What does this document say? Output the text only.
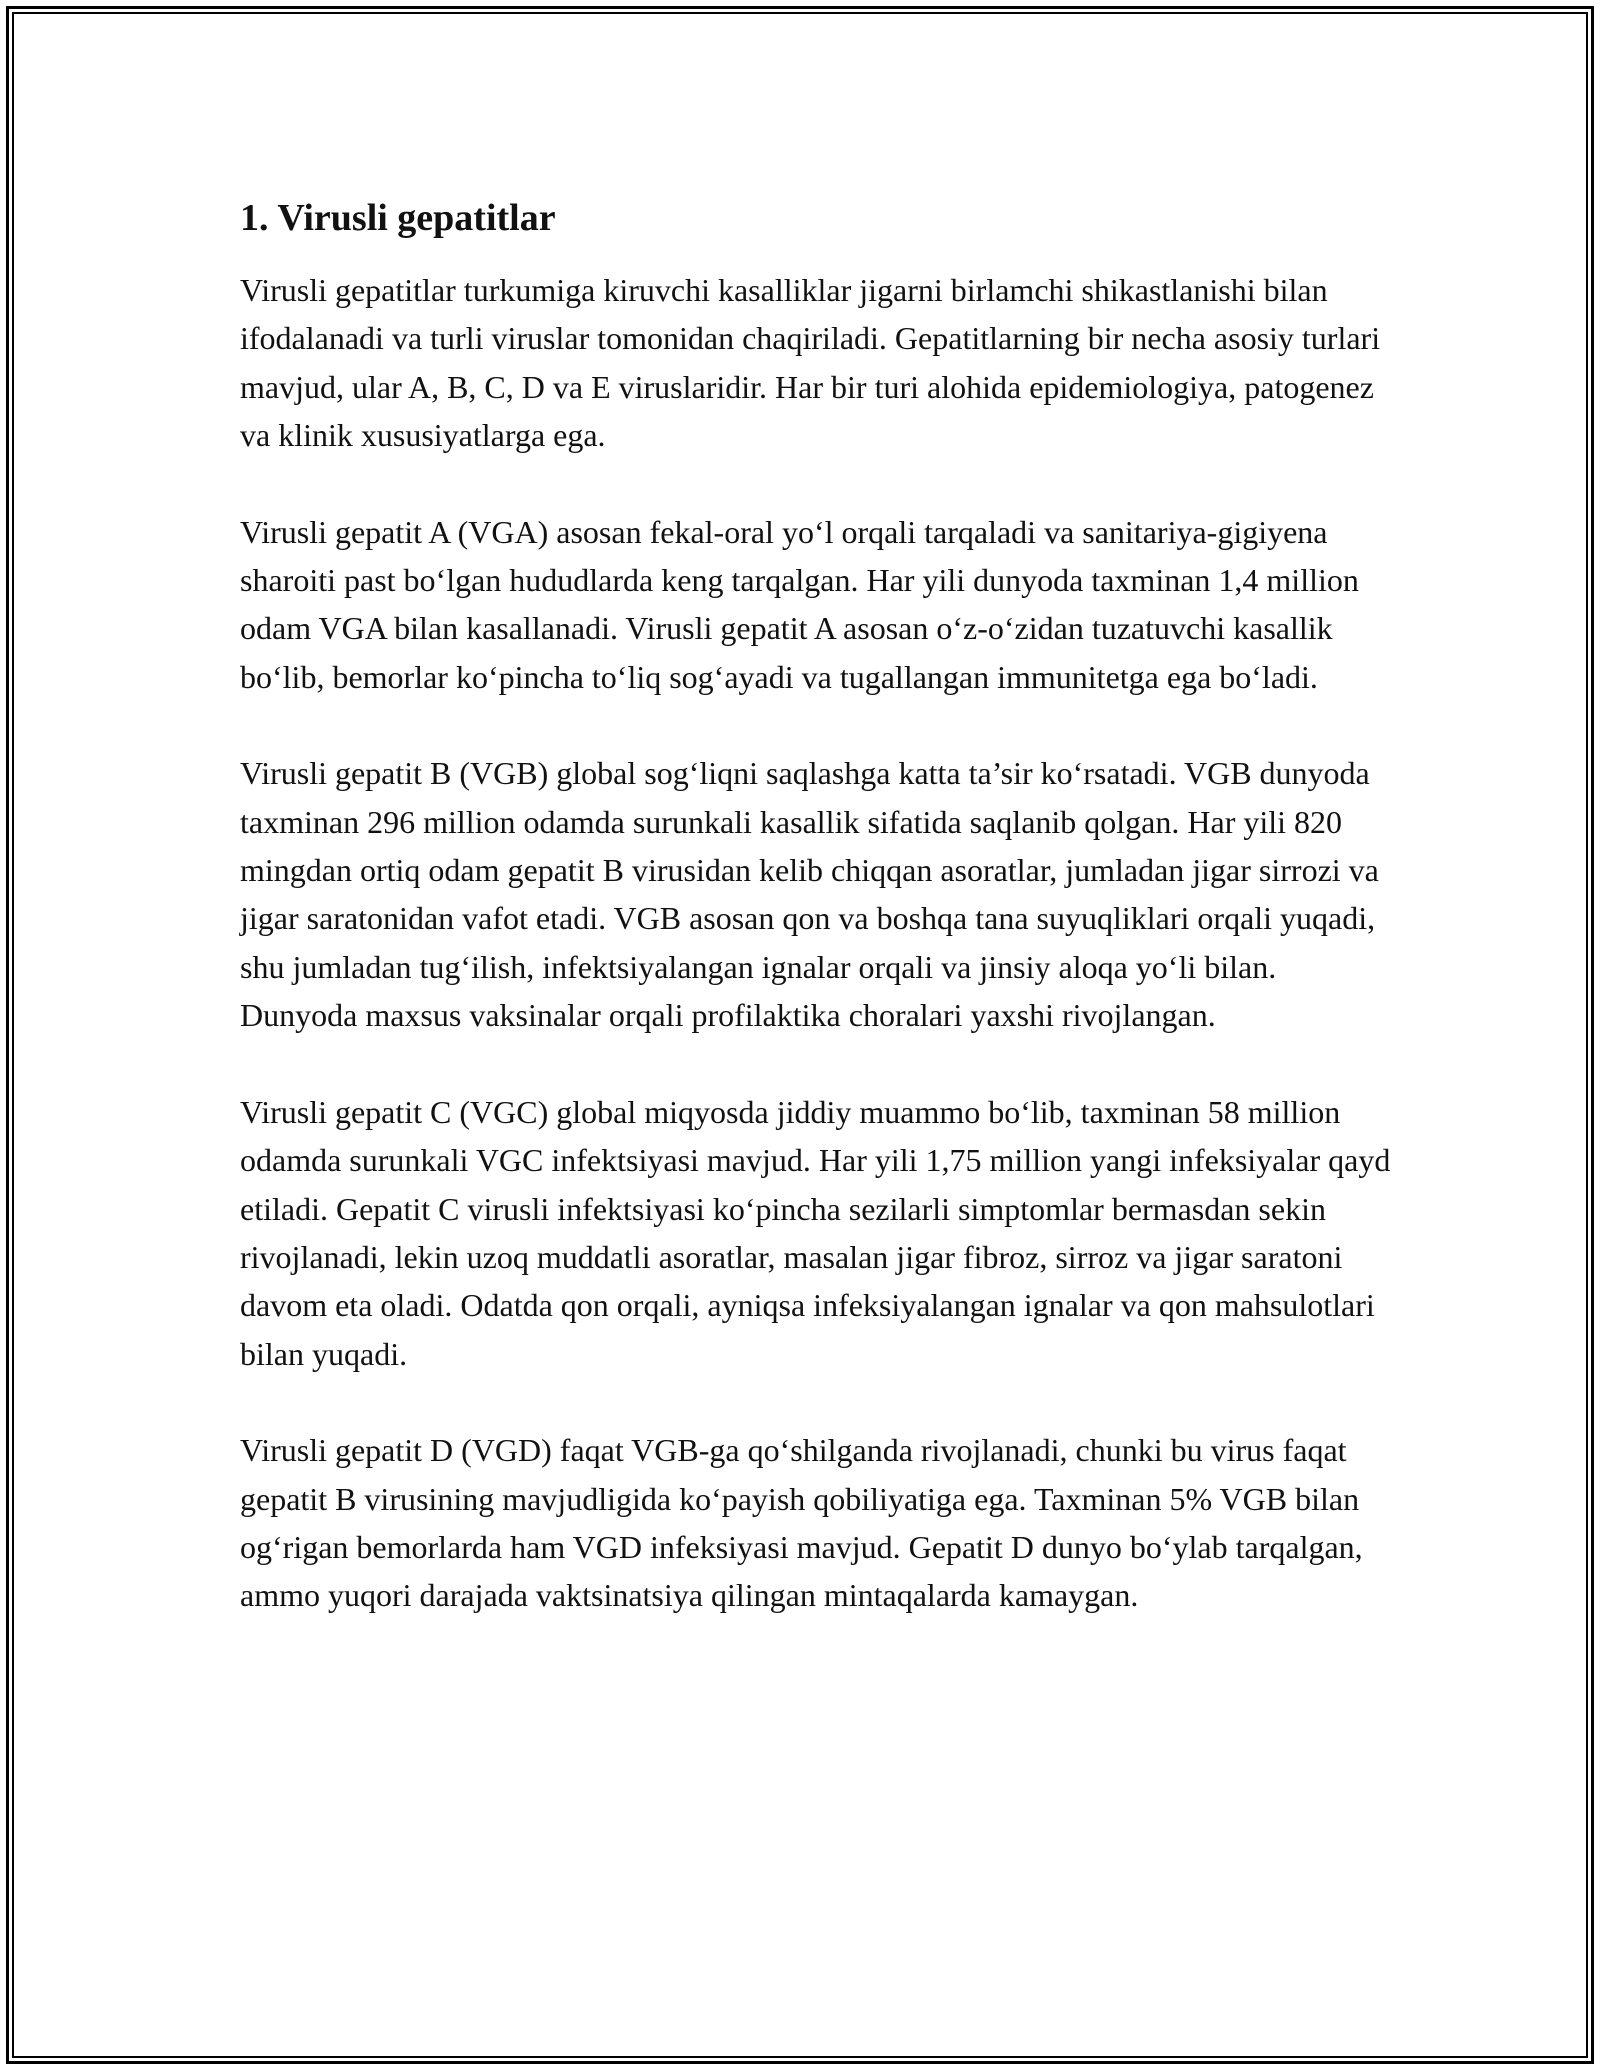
1. Virusli gepatitlar

Virusli gepatitlar turkumiga kiruvchi kasalliklar jigarni birlamchi shikastlanishi bilan ifodalanadi va turli viruslar tomonidan chaqiriladi. Gepatitlarning bir necha asosiy turlari mavjud, ular A, B, C, D va E viruslaridir. Har bir turi alohida epidemiologiya, patogenez va klinik xususiyatlarga ega.

Virusli gepatit A (VGA) asosan fekal-oral yo‘l orqali tarqaladi va sanitariya-gigiyena sharoiti past bo‘lgan hududlarda keng tarqalgan. Har yili dunyoda taxminan 1,4 million odam VGA bilan kasallanadi. Virusli gepatit A asosan o‘z-o‘zidan tuzatuvchi kasallik bo‘lib, bemorlar ko‘pincha to‘liq sog‘ayadi va tugallangan immunitetga ega bo‘ladi.

Virusli gepatit B (VGB) global sog‘liqni saqlashga katta ta’sir ko‘rsatadi. VGB dunyoda taxminan 296 million odamda surunkali kasallik sifatida saqlanib qolgan. Har yili 820 mingdan ortiq odam gepatit B virusidan kelib chiqqan asoratlar, jumladan jigar sirrozi va jigar saratonidan vafot etadi. VGB asosan qon va boshqa tana suyuqliklari orqali yuqadi, shu jumladan tug‘ilish, infektsiyalangan ignalar orqali va jinsiy aloqa yo‘li bilan. Dunyoda maxsus vaksinalar orqali profilaktika choralari yaxshi rivojlangan.

Virusli gepatit C (VGC) global miqyosda jiddiy muammo bo‘lib, taxminan 58 million odamda surunkali VGC infektsiyasi mavjud. Har yili 1,75 million yangi infeksiyalar qayd etiladi. Gepatit C virusli infektsiyasi ko‘pincha sezilarli simptomlar bermasdan sekin rivojlanadi, lekin uzoq muddatli asoratlar, masalan jigar fibroz, sirroz va jigar saratoni davom eta oladi. Odatda qon orqali, ayniqsa infeksiyalangan ignalar va qon mahsulotlari bilan yuqadi.

Virusli gepatit D (VGD) faqat VGB-ga qo‘shilganda rivojlanadi, chunki bu virus faqat gepatit B virusining mavjudligida ko‘payish qobiliyatiga ega. Taxminan 5% VGB bilan og‘rigan bemorlarda ham VGD infeksiyasi mavjud. Gepatit D dunyo bo‘ylab tarqalgan, ammo yuqori darajada vaktsinatsiya qilingan mintaqalarda kamaygan.
